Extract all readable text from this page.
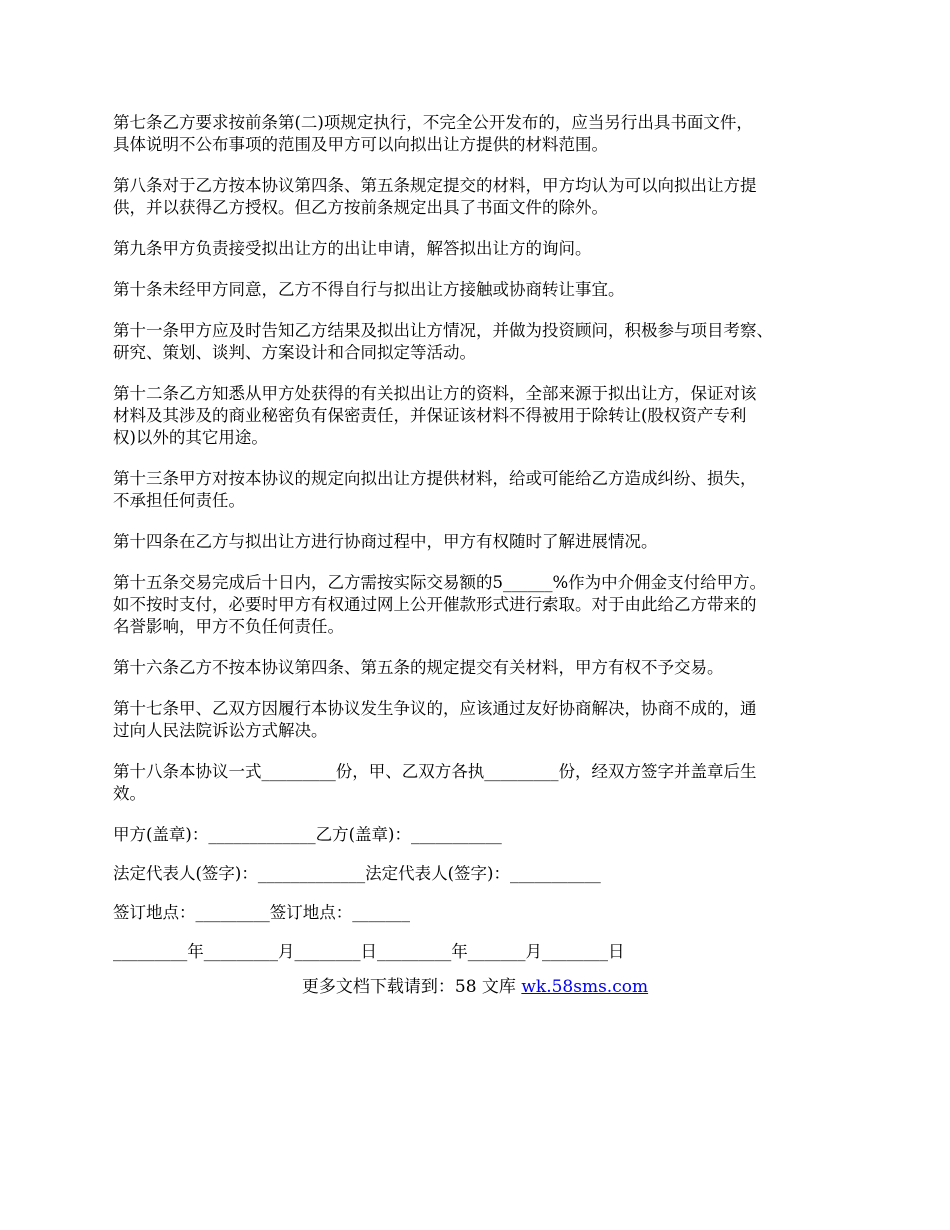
第七条乙方要求按前条第(二)项规定执行，不完全公开发布的，应当另行出具书面文件，
具体说明不公布事项的范围及甲方可以向拟出让方提供的材料范围。

第八条对于乙方按本协议第四条、第五条规定提交的材料，甲方均认为可以向拟出让方提
供，并以获得乙方授权。但乙方按前条规定出具了书面文件的除外。

第九条甲方负责接受拟出让方的出让申请，解答拟出让方的询问。

第十条未经甲方同意，乙方不得自行与拟出让方接触或协商转让事宜。

第十一条甲方应及时告知乙方结果及拟出让方情况，并做为投资顾问，积极参与项目考察、
研究、策划、谈判、方案设计和合同拟定等活动。

第十二条乙方知悉从甲方处获得的有关拟出让方的资料，全部来源于拟出让方，保证对该
材料及其涉及的商业秘密负有保密责任，并保证该材料不得被用于除转让(股权资产专利
权)以外的其它用途。

第十三条甲方对按本协议的规定向拟出让方提供材料，给或可能给乙方造成纠纷、损失，
不承担任何责任。

第十四条在乙方与拟出让方进行协商过程中，甲方有权随时了解进展情况。

第十五条交易完成后十日内，乙方需按实际交易额的5______%作为中介佣金支付给甲方。
如不按时支付，必要时甲方有权通过网上公开催款形式进行索取。对于由此给乙方带来的
名誉影响，甲方不负任何责任。

第十六条乙方不按本协议第四条、第五条的规定提交有关材料，甲方有权不予交易。

第十七条甲、乙双方因履行本协议发生争议的，应该通过友好协商解决，协商不成的，通
过向人民法院诉讼方式解决。

第十八条本协议一式_________份，甲、乙双方各执_________份，经双方签字并盖章后生
效。

甲方(盖章)：_____________乙方(盖章)：___________

法定代表人(签字)：_____________法定代表人(签字)：___________

签订地点：_________签订地点：_______

_________年_________月________日_________年_______月________日

更多文档下载请到：58 文库 wk.58sms.com
